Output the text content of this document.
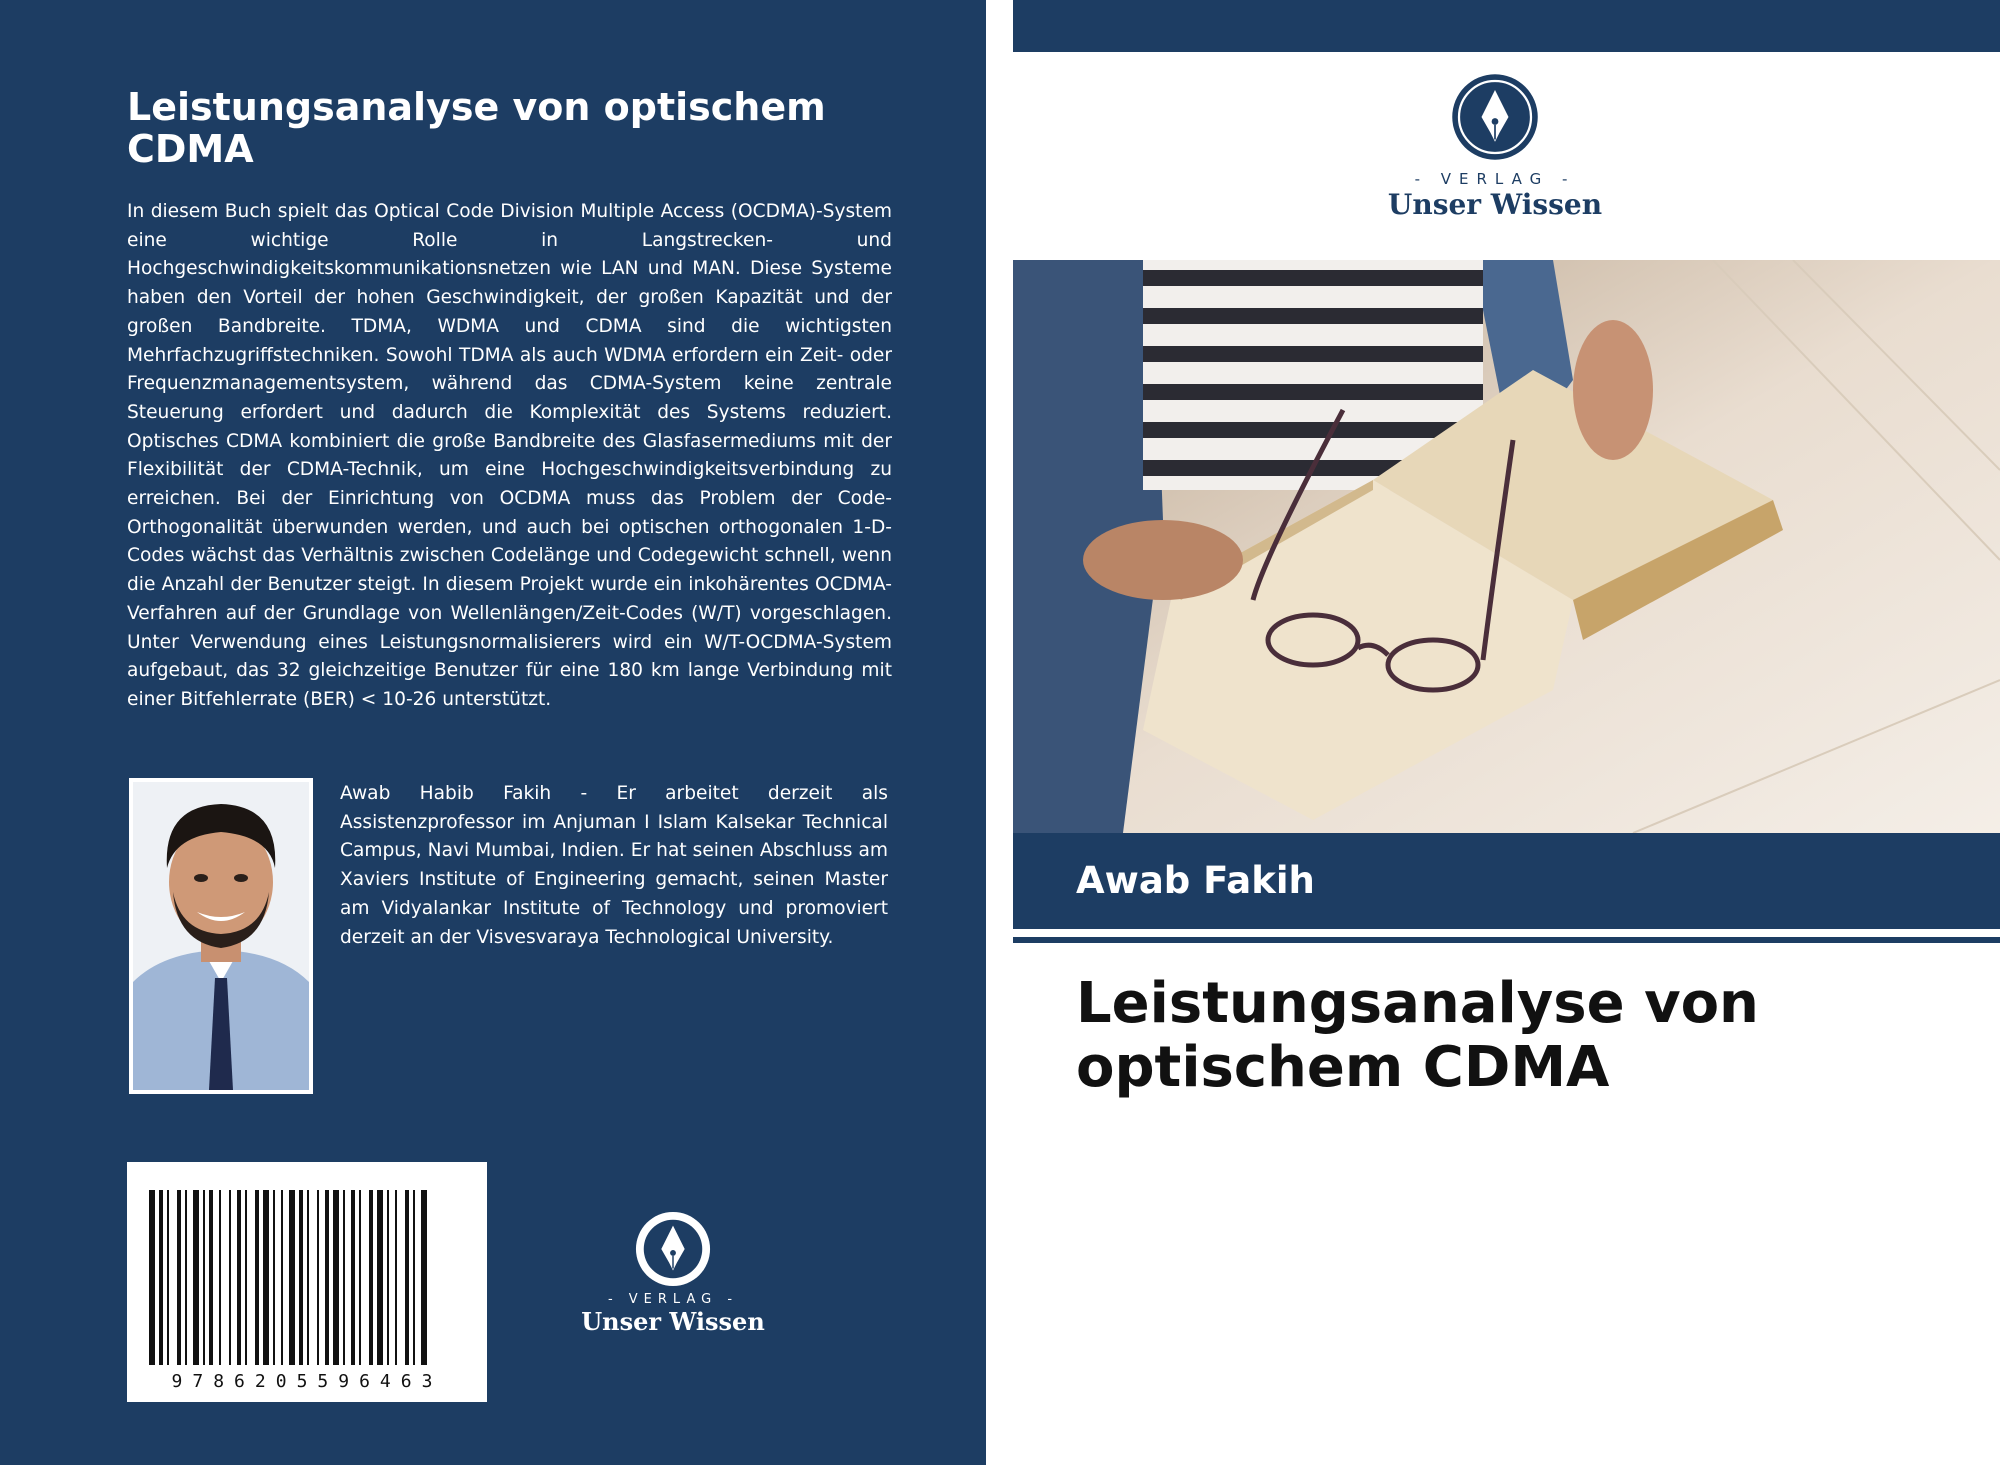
Leistungsanalyse von optischem CDMA

In diesem Buch spielt das Optical Code Division Multiple Access (OCDMA)-System eine wichtige Rolle in Langstrecken- und Hochgeschwindigkeitskommunikationsnetzen wie LAN und MAN. Diese Systeme haben den Vorteil der hohen Geschwindigkeit, der großen Kapazität und der großen Bandbreite. TDMA, WDMA und CDMA sind die wichtigsten Mehrfachzugriffstechniken. Sowohl TDMA als auch WDMA erfordern ein Zeit- oder Frequenzmanagementsystem, während das CDMA-System keine zentrale Steuerung erfordert und dadurch die Komplexität des Systems reduziert. Optisches CDMA kombiniert die große Bandbreite des Glasfasermediums mit der Flexibilität der CDMA-Technik, um eine Hochgeschwindigkeitsverbindung zu erreichen. Bei der Einrichtung von OCDMA muss das Problem der Code-Orthogonalität überwunden werden, und auch bei optischen orthogonalen 1-D-Codes wächst das Verhältnis zwischen Codelänge und Codegewicht schnell, wenn die Anzahl der Benutzer steigt. In diesem Projekt wurde ein inkohärentes OCDMA-Verfahren auf der Grundlage von Wellenlängen/Zeit-Codes (W/T) vorgeschlagen. Unter Verwendung eines Leistungsnormalisierers wird ein W/T-OCDMA-System aufgebaut, das 32 gleichzeitige Benutzer für eine 180 km lange Verbindung mit einer Bitfehlerrate (BER) < 10-26 unterstützt.

Awab Habib Fakih - Er arbeitet derzeit als Assistenzprofessor im Anjuman I Islam Kalsekar Technical Campus, Navi Mumbai, Indien. Er hat seinen Abschluss am Xaviers Institute of Engineering gemacht, seinen Master am Vidyalankar Institute of Technology und promoviert derzeit an der Visvesvaraya Technological University.

9786205596463
- VERLAG -
Unser Wissen
- VERLAG -
Unser Wissen

Awab Fakih

Leistungsanalyse von optischem CDMA
